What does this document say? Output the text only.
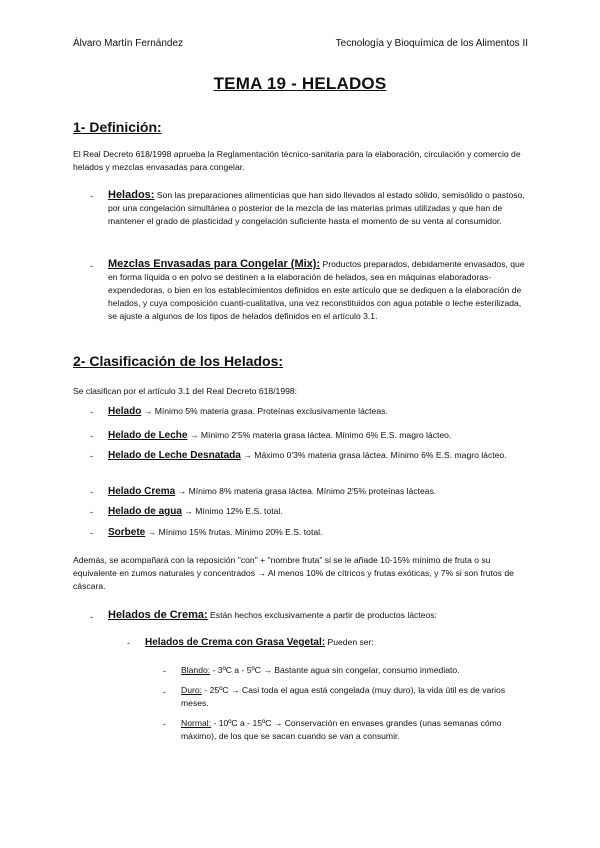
Álvaro Martín Fernández	Tecnología y Bioquímica de los Alimentos II
TEMA 19 - HELADOS
1- Definición:
El Real Decreto 618/1998 aprueba la Reglamentación técnico-sanitaria para la elaboración, circulación y comercio de helados y mezclas envasadas para congelar.
- Helados: Son las preparaciones alimenticias que han sido llevados al estado sólido, semisólido o pastoso, por una congelación simultánea o posterior de la mezcla de las materias primas utilizadas y que han de mantener el grado de plasticidad y congelación suficiente hasta el momento de su venta al consumidor.
- Mezclas Envasadas para Congelar (Mix): Productos preparados, debidamente envasados, que en forma líquida o en polvo se destinen a la elaboración de helados, sea en máquinas elaboradoras- expendedoras, o bien en los establecimientos definidos en este artículo que se dediquen a la elaboración de helados, y cuya composición cuanti-cualitativa, una vez reconstituidos con agua potable o leche esterilizada, se ajuste a algunos de los tipos de helados definidos en el artículo 3.1.
2- Clasificación de los Helados:
Se clasifican por el artículo 3.1 del Real Decreto 618/1998:
- Helado → Mínimo 5% materia grasa. Proteínas exclusivamente lácteas.
- Helado de Leche → Mínimo 2'5% materia grasa láctea. Mínimo 6% E.S. magro lácteo.
- Helado de Leche Desnatada → Máximo 0'3% materia grasa láctea. Mínimo 6% E.S. magro lácteo.
- Helado Crema → Mínimo 8% materia grasa láctea. Mínimo 2'5% proteínas lácteas.
- Helado de agua → Mínimo 12% E.S. total.
- Sorbete → Mínimo 15% frutas. Mínimo 20% E.S. total.
Además, se acompañará con la reposición "con" + "nombre fruta" si se le añade 10-15% mínimo de fruta o su equivalente en zumos naturales y concentrados → Al menos 10% de cítricos y frutas exóticas, y 7% si son frutos de cáscara.
- Helados de Crema: Están hechos exclusivamente a partir de productos lácteos:
- Helados de Crema con Grasa Vegetal: Pueden ser:
- Blando: - 3ºC a - 5ºC → Bastante agua sin congelar, consumo inmediato.
- Duro: - 25ºC → Casi toda el agua está congelada (muy duro), la vida útil es de varios meses.
- Normal: - 10ºC a - 15ºC → Conservación en envases grandes (unas semanas cómo máximo), de los que se sacan cuando se van a consumir.
